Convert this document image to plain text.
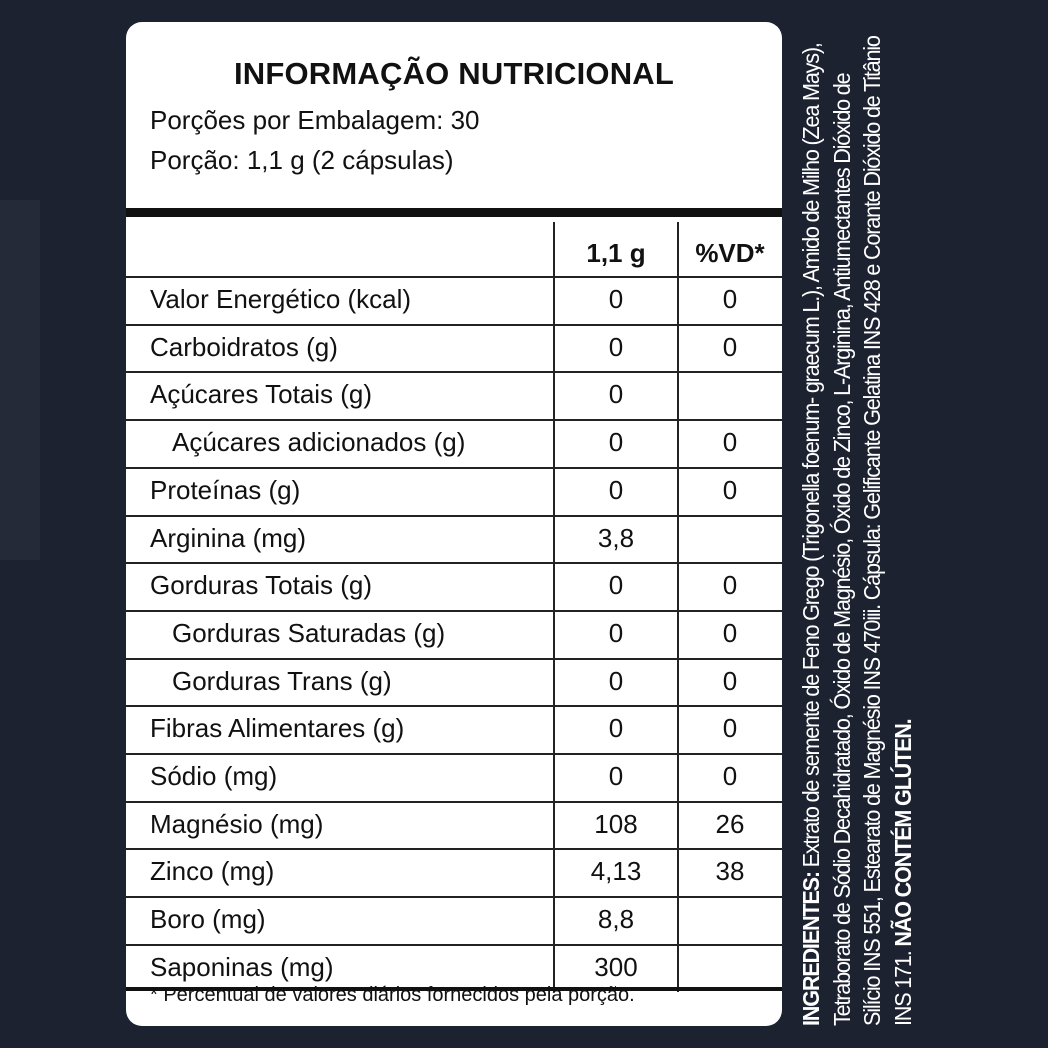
INFORMAÇÃO NUTRICIONAL
Porções por Embalagem: 30
Porção: 1,1 g (2 cápsulas)
1,1 g	%VD*
Valor Energético (kcal)	0	0
Carboidratos (g)	0	0
Açúcares Totais (g)	0
Açúcares adicionados (g)	0	0
Proteínas (g)	0	0
Arginina (mg)	3,8
Gorduras Totais (g)	0	0
Gorduras Saturadas (g)	0	0
Gorduras Trans (g)	0	0
Fibras Alimentares (g)	0	0
Sódio (mg)	0	0
Magnésio (mg)	108	26
Zinco (mg)	4,13	38
Boro (mg)	8,8
Saponinas (mg)	300
* Percentual de valores diários fornecidos pela porção.	INGREDIENTES: Extrato de semente de Feno Grego (Trigonella foenum- graecum L.), Amido de Milho (Zea Mays), Tetraborato de Sódio Decahidratado, Óxido de Magnésio, Óxido de Zinco, L-Arginina, Antiumectantes Dióxido de Silício INS 551, Estearato de Magnésio INS 470iii. Cápsula: Gelificante Gelatina INS 428 e Corante Dióxido de Titânio INS 171. NÃO CONTÉM GLÚTEN.
